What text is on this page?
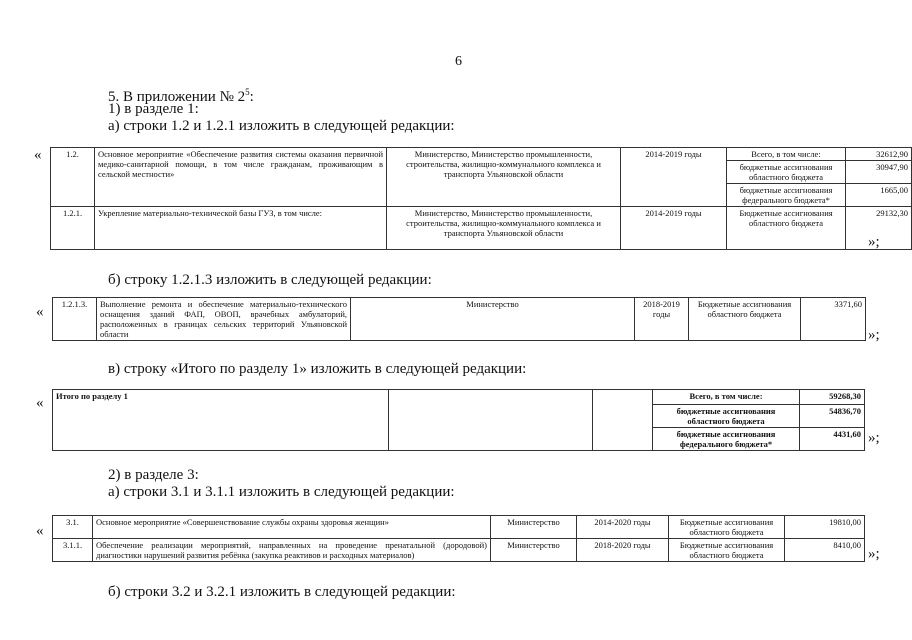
6
5. В приложении № $2^5$:
1) в разделе 1:
а) строки 1.2 и 1.2.1 изложить в следующей редакции:
«	1.2.	Основное мероприятие «Обеспечение развития системы оказания первичной медико-санитарной помощи, в том числе гражданам, проживающим в сельской местности»	Министерство, Министерство промышленности, строительства, жилищно-коммунального комплекса и транспорта Ульяновской области	2014-2019 годы	Всего, в том числе:	32612,90
				бюджетные ассигнования областного бюджета	30947,90
				бюджетные ассигнования федерального бюджета*	1665,00
1.2.1.	Укрепление материально-технической базы ГУЗ, в том числе:	Министерство, Министерство промышленности, строительства, жилищно-коммунального комплекса и транспорта Ульяновской области	2014-2019 годы	Бюджетные ассигнования областного бюджета	29132,30
»;
б) строку 1.2.1.3 изложить в следующей редакции:
« 1.2.1.3.	Выполнение ремонта и обеспечение материально-технического оснащения зданий ФАП, ОВОП, врачебных амбулаторий, расположенных в границах сельских территорий Ульяновской области	Министерство	2018-2019 годы	Бюджетные ассигнования областного бюджета	3371,60
»;
в) строку «Итого по разделу 1» изложить в следующей редакции:
« Итого по разделу 1			Всего, в том числе:	59268,30
			бюджетные ассигнования областного бюджета	54836,70
			бюджетные ассигнования федерального бюджета*	4431,60 »;
2) в разделе 3:
а) строки 3.1 и 3.1.1 изложить в следующей редакции:
«
3.1.	Основное мероприятие «Совершенствование службы охраны здоровья женщин»	Министерство	2014-2020 годы	Бюджетные ассигнования областного бюджета	19810,00
3.1.1.	Обеспечение реализации мероприятий, направленных на проведение пренатальной (дородовой) диагностики нарушений развития ребёнка (закупка реактивов и расходных материалов)	Министерство	2018-2020 годы	Бюджетные ассигнования областного бюджета	8410,00
»;
б) строки 3.2 и 3.2.1 изложить в следующей редакции:
